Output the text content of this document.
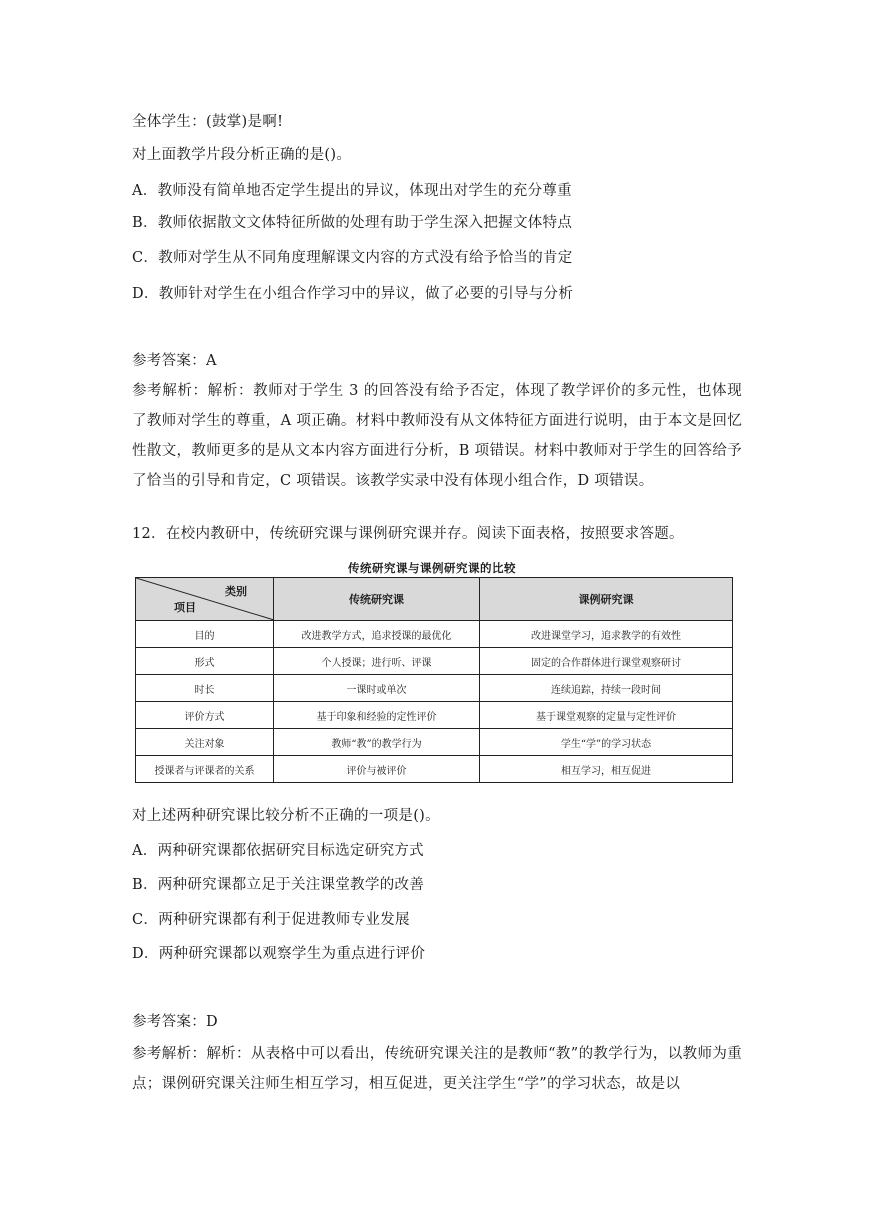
全体学生：(鼓掌)是啊!
对上面教学片段分析正确的是()。
A．教师没有简单地否定学生提出的异议，体现出对学生的充分尊重
B．教师依据散文文体特征所做的处理有助于学生深入把握文体特点
C．教师对学生从不同角度理解课文内容的方式没有给予恰当的肯定
D．教师针对学生在小组合作学习中的异议，做了必要的引导与分析
参考答案：A
参考解析：解析：教师对于学生 3 的回答没有给予否定，体现了教学评价的多元性，也体现了教师对学生的尊重，A 项正确。材料中教师没有从文体特征方面进行说明，由于本文是回忆性散文，教师更多的是从文本内容方面进行分析，B 项错误。材料中教师对于学生的回答给予了恰当的引导和肯定，C 项错误。该教学实录中没有体现小组合作，D 项错误。
12．在校内教研中，传统研究课与课例研究课并存。阅读下面表格，按照要求答题。
传统研究课与课例研究课的比较
类别
项目	传统研究课	课例研究课
目的	改进教学方式，追求授课的最优化	改进课堂学习，追求教学的有效性
形式	个人授课；进行听、评课	固定的合作群体进行课堂观察研讨
时长	一课时或单次	连续追踪，持续一段时间
评价方式	基于印象和经验的定性评价	基于课堂观察的定量与定性评价
关注对象	教师“教”的教学行为	学生“学”的学习状态
授课者与评课者的关系	评价与被评价	相互学习，相互促进
对上述两种研究课比较分析不正确的一项是()。
A．两种研究课都依据研究目标选定研究方式
B．两种研究课都立足于关注课堂教学的改善
C．两种研究课都有利于促进教师专业发展
D．两种研究课都以观察学生为重点进行评价
参考答案：D
参考解析：解析：从表格中可以看出，传统研究课关注的是教师“教”的教学行为，以教师为重点；课例研究课关注师生相互学习，相互促进，更关注学生“学”的学习状态，故是以
